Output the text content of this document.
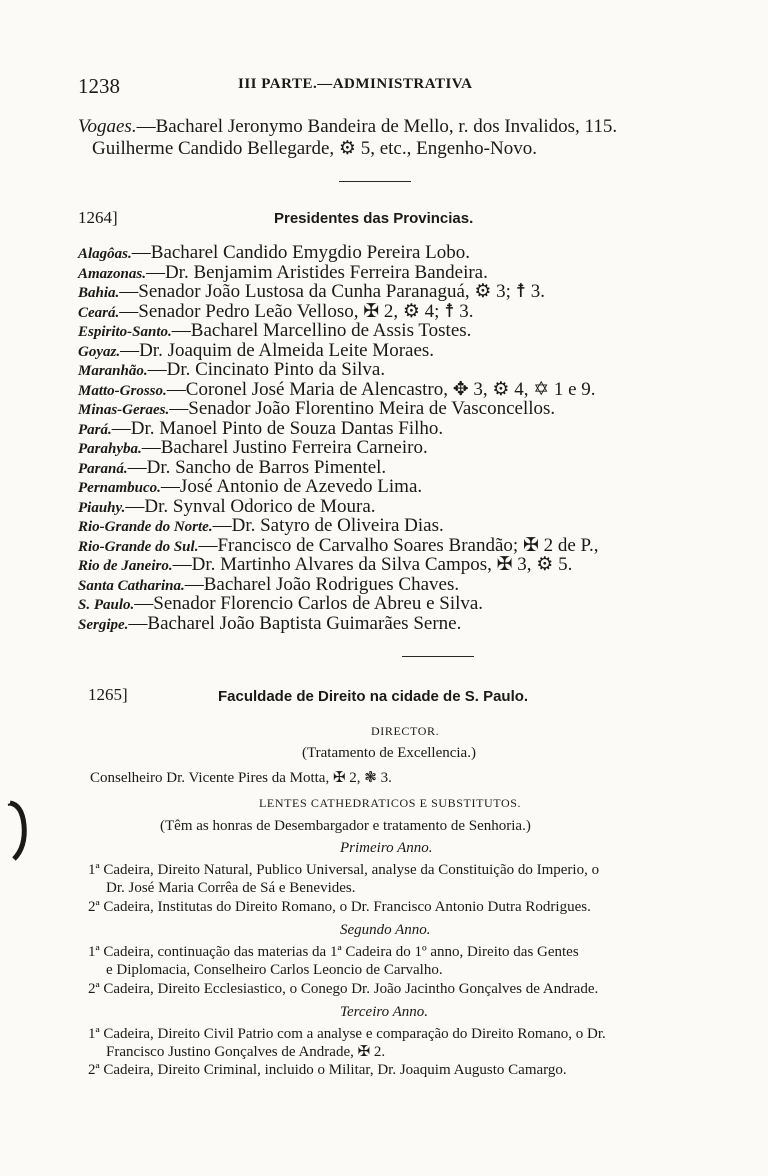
1238	III PARTE.—ADMINISTRATIVA
Vogaes.—Bacharel Jeronymo Bandeira de Mello, r. dos Invalidos, 115.
Guilherme Candido Bellegarde, ⚙ 5, etc., Engenho-Novo.
1264]	Presidentes das Provincias.
Alagôas.—Bacharel Candido Emygdio Pereira Lobo.
Amazonas.—Dr. Benjamim Aristides Ferreira Bandeira.
Bahia.—Senador João Lustosa da Cunha Paranaguá, ⚙ 3; ☨ 3.
Ceará.—Senador Pedro Leão Velloso, ✠ 2, ⚙ 4; ☨ 3.
Espirito-Santo.—Bacharel Marcellino de Assis Tostes.
Goyaz.—Dr. Joaquim de Almeida Leite Moraes.
Maranhão.—Dr. Cincinato Pinto da Silva.
Matto-Grosso.—Coronel José Maria de Alencastro, ✥ 3, ⚙ 4, ✡ 1 e 9.
Minas-Geraes.—Senador João Florentino Meira de Vasconcellos.
Pará.—Dr. Manoel Pinto de Souza Dantas Filho.
Parahyba.—Bacharel Justino Ferreira Carneiro.
Paraná.—Dr. Sancho de Barros Pimentel.
Pernambuco.—José Antonio de Azevedo Lima.
Piauhy.—Dr. Synval Odorico de Moura.
Rio-Grande do Norte.—Dr. Satyro de Oliveira Dias.
Rio-Grande do Sul.—Francisco de Carvalho Soares Brandão; ✠ 2 de P.,
Rio de Janeiro.—Dr. Martinho Alvares da Silva Campos, ✠ 3, ⚙ 5.
Santa Catharina.—Bacharel João Rodrigues Chaves.
S. Paulo.—Senador Florencio Carlos de Abreu e Silva.
Sergipe.—Bacharel João Baptista Guimarães Serne.
1265]	Faculdade de Direito na cidade de S. Paulo.
DIRECTOR.
(Tratamento de Excellencia.)
Conselheiro Dr. Vicente Pires da Motta, ✠ 2, ❃ 3.
LENTES CATHEDRATICOS E SUBSTITUTOS.
(Têm as honras de Desembargador e tratamento de Senhoria.)
Primeiro Anno.
1ª Cadeira, Direito Natural, Publico Universal, analyse da Constituição do Imperio, o
Dr. José Maria Corrêa de Sá e Benevides.
2ª Cadeira, Institutas do Direito Romano, o Dr. Francisco Antonio Dutra Rodrigues.
Segundo Anno.
1ª Cadeira, continuação das materias da 1ª Cadeira do 1º anno, Direito das Gentes
e Diplomacia, Conselheiro Carlos Leoncio de Carvalho.
2ª Cadeira, Direito Ecclesiastico, o Conego Dr. João Jacintho Gonçalves de Andrade.
Terceiro Anno.
1ª Cadeira, Direito Civil Patrio com a analyse e comparação do Direito Romano, o Dr.
Francisco Justino Gonçalves de Andrade, ✠ 2.
2ª Cadeira, Direito Criminal, incluido o Militar, Dr. Joaquim Augusto Camargo.
